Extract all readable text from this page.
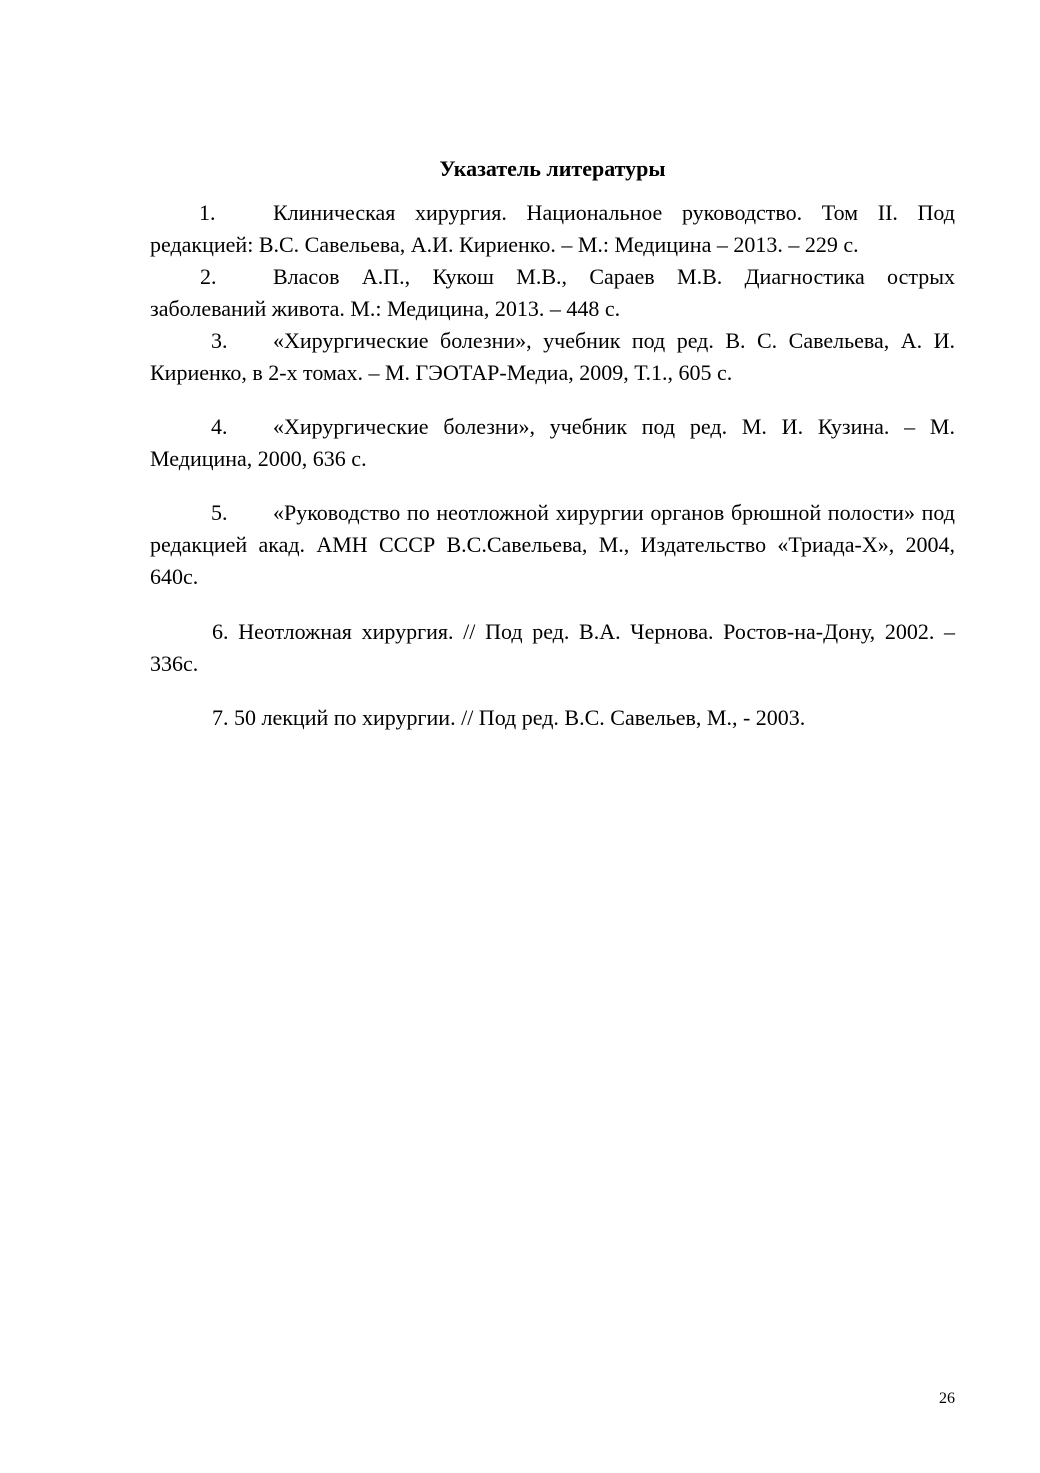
Указатель литературы

1.	Клиническая хирургия. Национальное руководство. Том II. Под редакцией: В.С. Савельева, А.И. Кириенко. – М.: Медицина – 2013. – 229 с.

2.	Власов А.П., Кукош М.В., Сараев М.В. Диагностика острых заболеваний живота. М.: Медицина, 2013. – 448 с.

3. «Хирургические болезни», учебник под ред. В. С. Савельева, А. И. Кириенко, в 2-х томах. – М. ГЭОТАР-Медиа, 2009, Т.1., 605 с.

4. «Хирургические болезни», учебник под ред. М. И. Кузина. – М. Медицина, 2000, 636 с.

5. «Руководство по неотложной хирургии органов брюшной полости» под редакцией акад. АМН СССР В.С.Савельева, М., Издательство «Триада-Х», 2004, 640с.

6. Неотложная хирургия. // Под ред. В.А. Чернова. Ростов-на-Дону, 2002. – 336с.

7. 50 лекций по хирургии. // Под ред. В.С. Савельев, М., - 2003.

26
